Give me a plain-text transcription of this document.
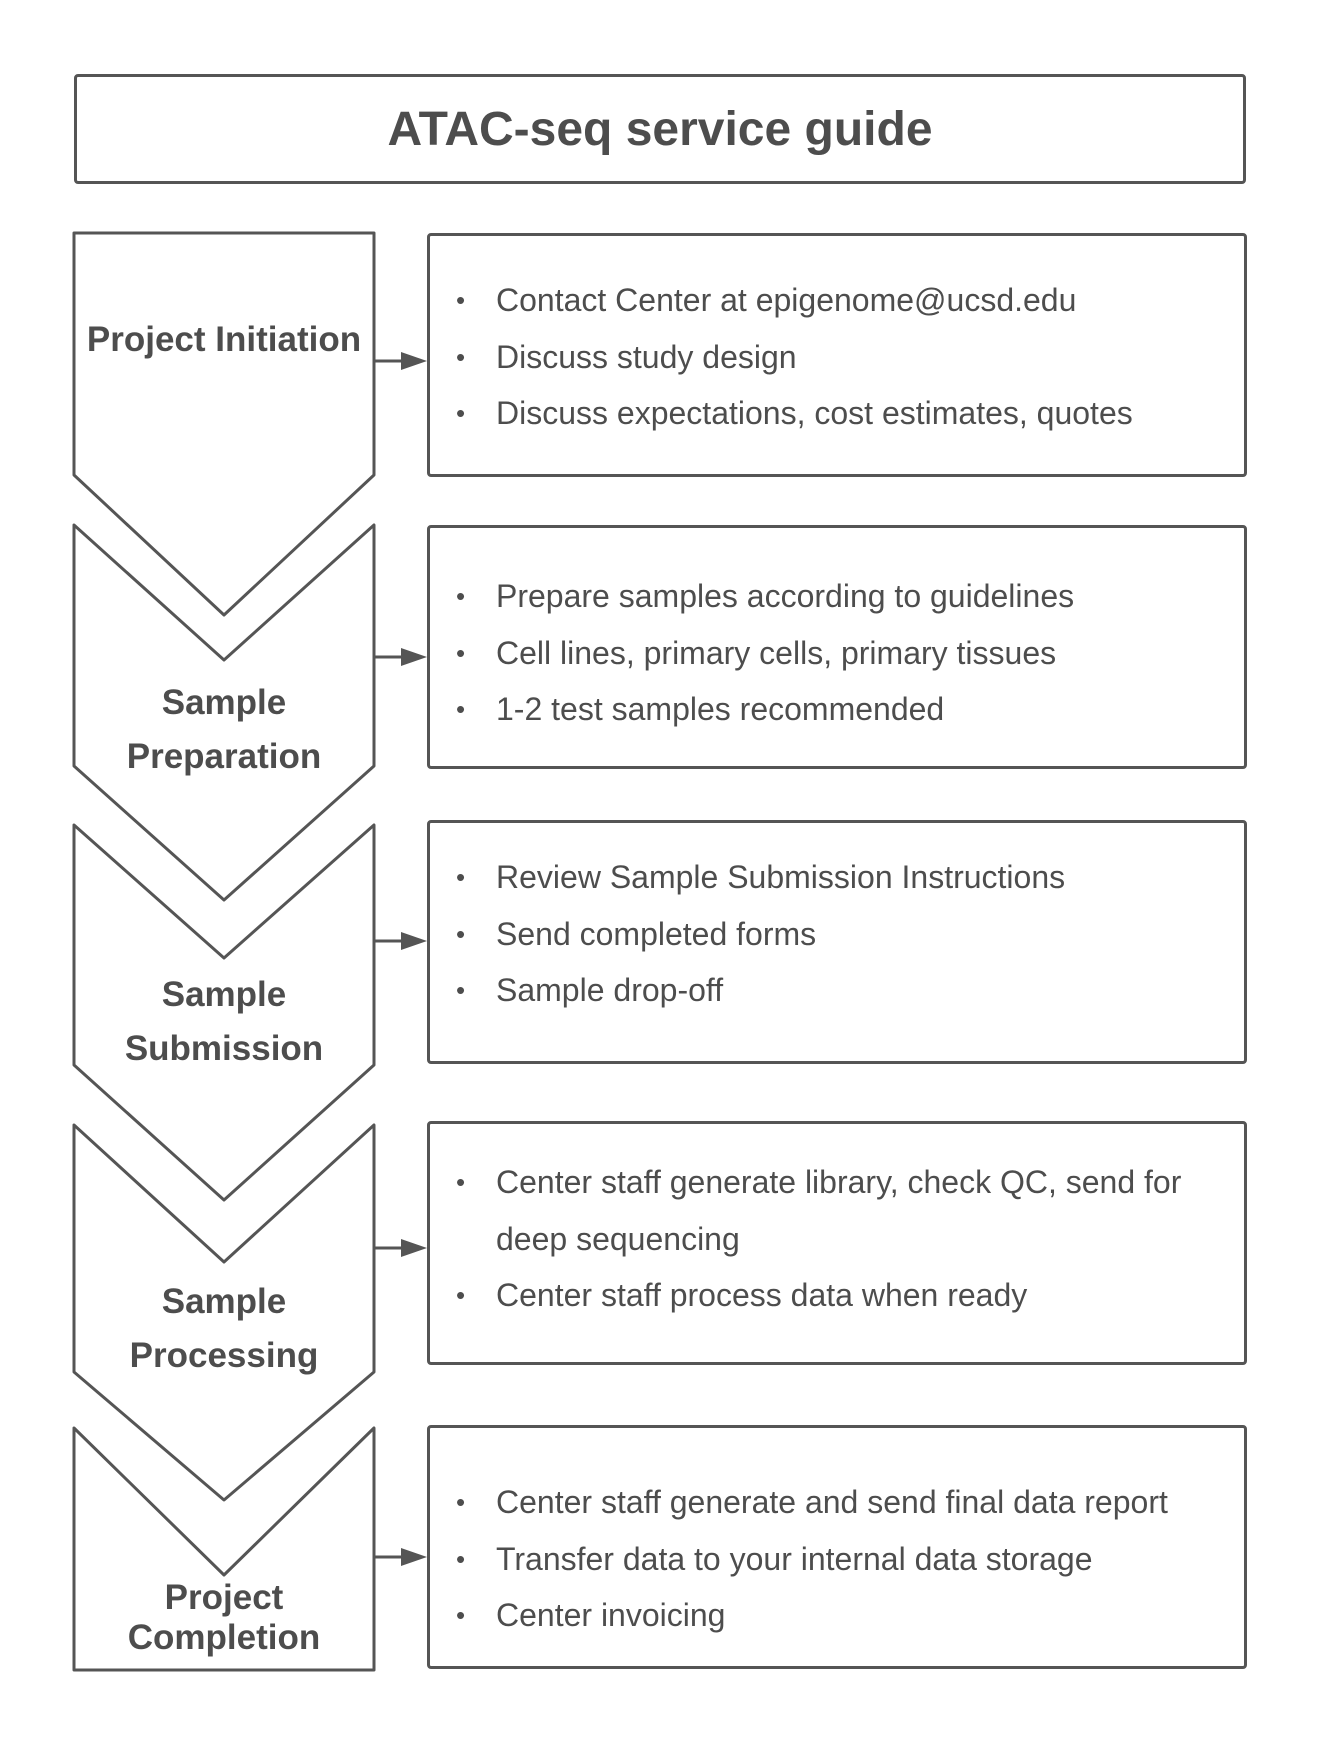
ATAC-seq service guide
Project Initiation
Sample Preparation
Sample Submission
Sample Processing
Project Completion
• Contact Center at epigenome@ucsd.edu
• Discuss study design
• Discuss expectations, cost estimates, quotes
• Prepare samples according to guidelines
• Cell lines, primary cells, primary tissues
• 1-2 test samples recommended
• Review Sample Submission Instructions
• Send completed forms
• Sample drop-off
• Center staff generate library, check QC, send for deep sequencing
• Center staff process data when ready
• Center staff generate and send final data report
• Transfer data to your internal data storage
• Center invoicing
